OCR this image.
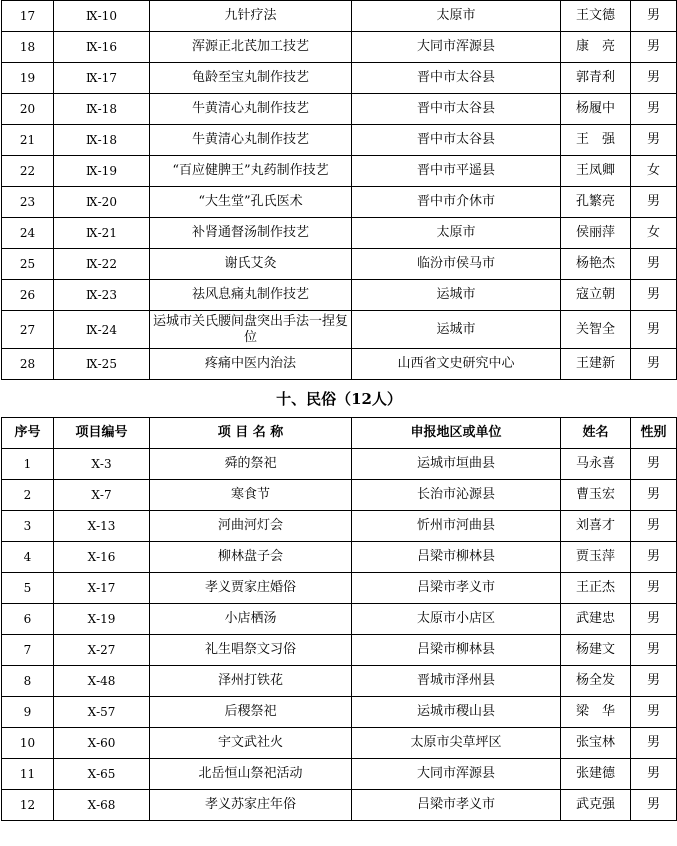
17	Ⅸ-10	九针疗法	太原市	王文德	男
18	Ⅸ-16	浑源正北芪加工技艺	大同市浑源县	康　亮	男
19	Ⅸ-17	龟龄至宝丸制作技艺	晋中市太谷县	郭青利	男
20	Ⅸ-18	牛黄清心丸制作技艺	晋中市太谷县	杨履中	男
21	Ⅸ-18	牛黄清心丸制作技艺	晋中市太谷县	王　强	男
22	Ⅸ-19	“百应健脾王”丸药制作技艺	晋中市平遥县	王凤卿	女
23	Ⅸ-20	“大生堂”孔氏医术	晋中市介休市	孔繁亮	男
24	Ⅸ-21	补肾通督汤制作技艺	太原市	侯丽萍	女
25	Ⅸ-22	谢氏艾灸	临汾市侯马市	杨艳杰	男
26	Ⅸ-23	祛风息痛丸制作技艺	运城市	寇立朝	男
27	Ⅸ-24	运城市关氏腰间盘突出手法一捏复位	运城市	关智全	男
28	Ⅸ-25	疼痛中医内治法	山西省文史研究中心	王建新	男
十、民俗（12人）					
序号	项目编号	项 目 名 称	申报地区或单位	姓名	性别
1	Ⅹ-3	舜的祭祀	运城市垣曲县	马永喜	男
2	Ⅹ-7	寒食节	长治市沁源县	曹玉宏	男
3	Ⅹ-13	河曲河灯会	忻州市河曲县	刘喜才	男
4	Ⅹ-16	柳林盘子会	吕梁市柳林县	贾玉萍	男
5	Ⅹ-17	孝义贾家庄婚俗	吕梁市孝义市	王正杰	男
6	Ⅹ-19	小店栖汤	太原市小店区	武建忠	男
7	Ⅹ-27	礼生唱祭文习俗	吕梁市柳林县	杨建文	男
8	Ⅹ-48	泽州打铁花	晋城市泽州县	杨全发	男
9	Ⅹ-57	后稷祭祀	运城市稷山县	梁　华	男
10	Ⅹ-60	宇文武社火	太原市尖草坪区	张宝林	男
11	Ⅹ-65	北岳恒山祭祀活动	大同市浑源县	张建德	男
12	Ⅹ-68	孝义苏家庄年俗	吕梁市孝义市	武克强	男
